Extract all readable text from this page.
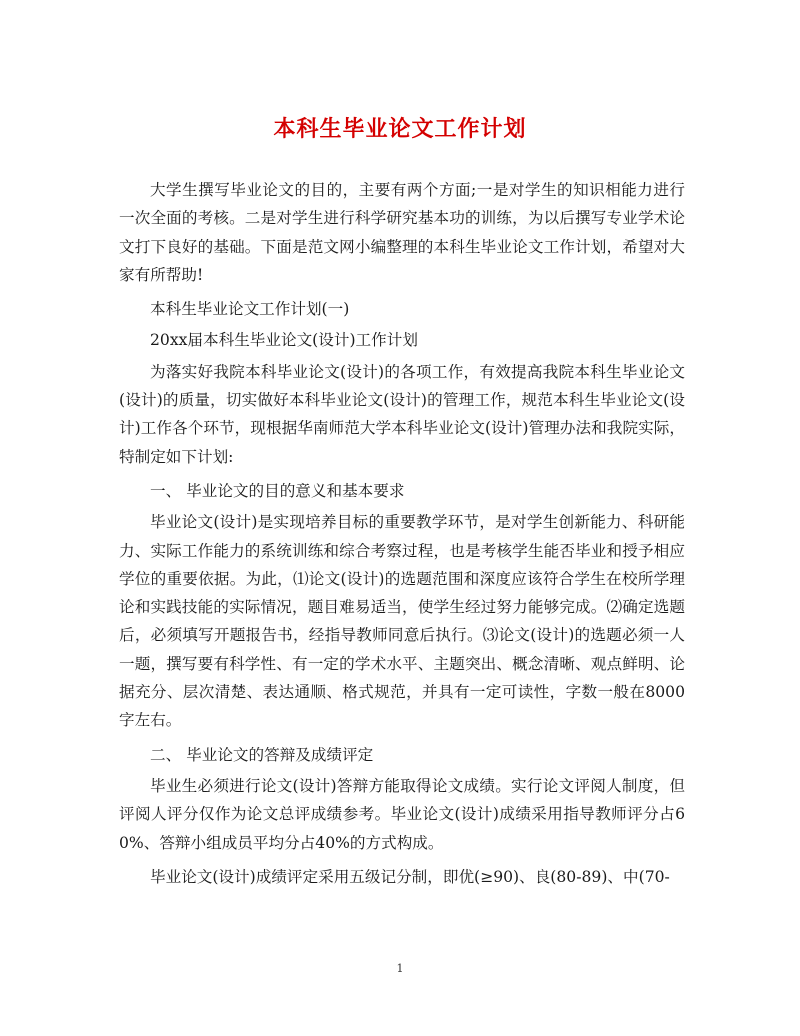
本科生毕业论文工作计划

大学生撰写毕业论文的目的，主要有两个方面;一是对学生的知识相能力进行一次全面的考核。二是对学生进行科学研究基本功的训练，为以后撰写专业学术论文打下良好的基础。下面是范文网小编整理的本科生毕业论文工作计划，希望对大家有所帮助!

本科生毕业论文工作计划(一)

20xx届本科生毕业论文(设计)工作计划

为落实好我院本科毕业论文(设计)的各项工作，有效提高我院本科生毕业论文(设计)的质量，切实做好本科毕业论文(设计)的管理工作，规范本科生毕业论文(设计)工作各个环节，现根据华南师范大学本科毕业论文(设计)管理办法和我院实际，特制定如下计划:

一、 毕业论文的目的意义和基本要求

毕业论文(设计)是实现培养目标的重要教学环节，是对学生创新能力、科研能力、实际工作能力的系统训练和综合考察过程，也是考核学生能否毕业和授予相应学位的重要依据。为此，⑴论文(设计)的选题范围和深度应该符合学生在校所学理论和实践技能的实际情况，题目难易适当，使学生经过努力能够完成。⑵确定选题后，必须填写开题报告书，经指导教师同意后执行。⑶论文(设计)的选题必须一人一题，撰写要有科学性、有一定的学术水平、主题突出、概念清晰、观点鲜明、论据充分、层次清楚、表达通顺、格式规范，并具有一定可读性，字数一般在8000字左右。

二、 毕业论文的答辩及成绩评定

毕业生必须进行论文(设计)答辩方能取得论文成绩。实行论文评阅人制度，但评阅人评分仅作为论文总评成绩参考。毕业论文(设计)成绩采用指导教师评分占60%、答辩小组成员平均分占40%的方式构成。

毕业论文(设计)成绩评定采用五级记分制，即优(≥90)、良(80-89)、中(70-

1
